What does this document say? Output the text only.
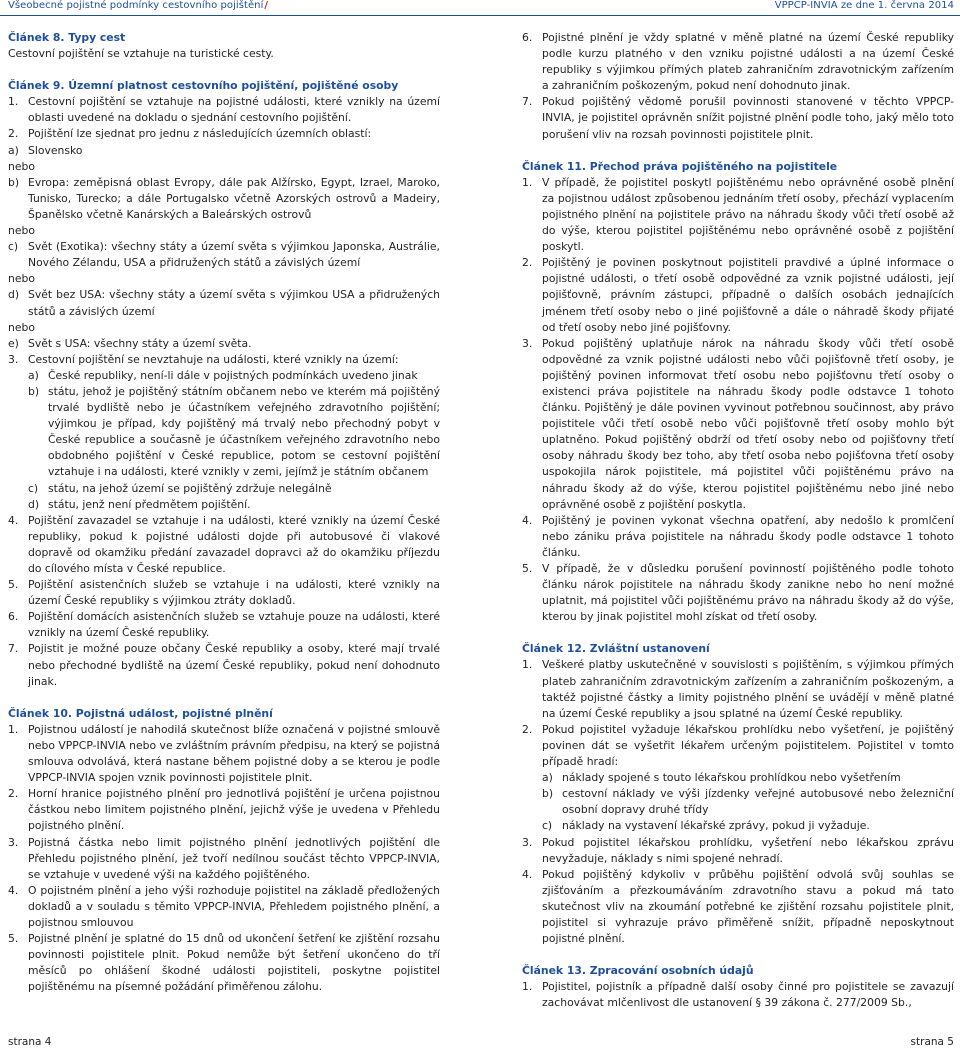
Všeobecné pojistné podmínky cestovního pojištění /	VPPCP-INVIA ze dne 1. června 2014

Článek 8. Typy cest

Cestovní pojištění se vztahuje na turistické cesty.

Článek 9. Územní platnost cestovního pojištění, pojištěné osoby

1. Cestovní pojištění se vztahuje na pojistné události, které vznikly na území oblasti uvedené na dokladu o sjednání cestovního pojištění.
2. Pojištění lze sjednat pro jednu z následujících územních oblastí:
a) Slovensko

nebo

b) Evropa: zeměpisná oblast Evropy, dále pak Alžírsko, Egypt, Izrael, Maroko, Tunisko, Turecko; a dále Portugalsko včetně Azorských ostrovů a Madeiry, Španělsko včetně Kanárských a Baleárských ostrovů

nebo

c) Svět (Exotika): všechny státy a území světa s výjimkou Japonska, Austrálie, Nového Zélandu, USA a přidružených států a závislých území

nebo

d) Svět bez USA: všechny státy a území světa s výjimkou USA a přidružených států a závislých území

nebo

e) Svět s USA: všechny státy a území světa.
3. Cestovní pojištění se nevztahuje na události, které vznikly na území:
a) České republiky, není-li dále v pojistných podmínkách uvedeno jinak
b) státu, jehož je pojištěný státním občanem nebo ve kterém má pojištěný trvalé bydliště nebo je účastníkem veřejného zdravotního pojištění; výjimkou je případ, kdy pojištěný má trvalý nebo přechodný pobyt v České republice a současně je účastníkem veřejného zdravotního nebo obdobného pojištění v České republice, potom se cestovní pojištění vztahuje i na události, které vznikly v zemi, jejímž je státním občanem
c) státu, na jehož území se pojištěný zdržuje nelegálně
d) státu, jenž není předmětem pojištění.
4. Pojištění zavazadel se vztahuje i na události, které vznikly na území České republiky, pokud k pojistné události dojde při autobusové či vlakové dopravě od okamžiku předání zavazadel dopravci až do okamžiku příjezdu do cílového místa v České republice.
5. Pojištění asistenčních služeb se vztahuje i na události, které vznikly na území České republiky s výjimkou ztráty dokladů.
6. Pojištění domácích asistenčních služeb se vztahuje pouze na události, které vznikly na území České republiky.
7. Pojistit je možné pouze občany České republiky a osoby, které mají trvalé nebo přechodné bydliště na území České republiky, pokud není dohodnuto jinak.

Článek 10. Pojistná událost, pojistné plnění

1. Pojistnou událostí je nahodilá skutečnost blíže označená v pojistné smlouvě nebo VPPCP-INVIA nebo ve zvláštním právním předpisu, na který se pojistná smlouva odvolává, která nastane během pojistné doby a se kterou je podle VPPCP-INVIA spojen vznik povinnosti pojistitele plnit.
2. Horní hranice pojistného plnění pro jednotlivá pojištění je určena pojistnou částkou nebo limitem pojistného plnění, jejichž výše je uvedena v Přehledu pojistného plnění.
3. Pojistná částka nebo limit pojistného plnění jednotlivých pojištění dle Přehledu pojistného plnění, jež tvoří nedílnou součást těchto VPPCP-INVIA, se vztahuje v uvedené výši na každého pojištěného.
4. O pojistném plnění a jeho výši rozhoduje pojistitel na základě předložených dokladů a v souladu s těmito VPPCP-INVIA, Přehledem pojistného plnění, a pojistnou smlouvou
5. Pojistné plnění je splatné do 15 dnů od ukončení šetření ke zjištění rozsahu povinnosti pojistitele plnit. Pokud nemůže být šetření ukončeno do tří měsíců po ohlášení škodné události pojistiteli, poskytne pojistitel pojištěnému na písemné požádání přiměřenou zálohu.
6. Pojistné plnění je vždy splatné v měně platné na území České republiky podle kurzu platného v den vzniku pojistné události a na území České republiky s výjimkou přímých plateb zahraničním zdravotnickým zařízením a zahraničním poškozeným, pokud není dohodnuto jinak.
7. Pokud pojištěný vědomě porušil povinnosti stanovené v těchto VPPCP-INVIA, je pojistitel oprávněn snížit pojistné plnění podle toho, jaký mělo toto porušení vliv na rozsah povinnosti pojistitele plnit.

Článek 11. Přechod práva pojištěného na pojistitele

1. V případě, že pojistitel poskytl pojištěnému nebo oprávněné osobě plnění za pojistnou událost způsobenou jednáním třetí osoby, přechází vyplacením pojistného plnění na pojistitele právo na náhradu škody vůči třetí osobě až do výše, kterou pojistitel pojištěnému nebo oprávněné osobě z pojištění poskytl.
2. Pojištěný je povinen poskytnout pojistiteli pravdivé a úplné informace o pojistné události, o třetí osobě odpovědné za vznik pojistné události, její pojišťovně, právním zástupci, případně o dalších osobách jednajících jménem třetí osoby nebo o jiné pojišťovně a dále o náhradě škody přijaté od třetí osoby nebo jiné pojišťovny.
3. Pokud pojištěný uplatňuje nárok na náhradu škody vůči třetí osobě odpovědné za vznik pojistné události nebo vůči pojišťovně třetí osoby, je pojištěný povinen informovat třetí osobu nebo pojišťovnu třetí osoby o existenci práva pojistitele na náhradu škody podle odstavce 1 tohoto článku. Pojištěný je dále povinen vyvinout potřebnou součinnost, aby právo pojistitele vůči třetí osobě nebo vůči pojišťovně třetí osoby mohlo být uplatněno. Pokud pojištěný obdrží od třetí osoby nebo od pojišťovny třetí osoby náhradu škody bez toho, aby třetí osoba nebo pojišťovna třetí osoby uspokojila nárok pojistitele, má pojistitel vůči pojištěnému právo na náhradu škody až do výše, kterou pojistitel pojištěnému nebo jiné nebo oprávněné osobě z pojištění poskytla.
4. Pojištěný je povinen vykonat všechna opatření, aby nedošlo k promlčení nebo zániku práva pojistitele na náhradu škody podle odstavce 1 tohoto článku.
5. V případě, že v důsledku porušení povinností pojištěného podle tohoto článku nárok pojistitele na náhradu škody zanikne nebo ho není možné uplatnit, má pojistitel vůči pojištěnému právo na náhradu škody až do výše, kterou by jinak pojistitel mohl získat od třetí osoby.

Článek 12. Zvláštní ustanovení

1. Veškeré platby uskutečněné v souvislosti s pojištěním, s výjimkou přímých plateb zahraničním zdravotnickým zařízením a zahraničním poškozeným, a taktéž pojistné částky a limity pojistného plnění se uvádějí v měně platné na území České republiky a jsou splatné na území České republiky.
2. Pokud pojistitel vyžaduje lékařskou prohlídku nebo vyšetření, je pojištěný povinen dát se vyšetřit lékařem určeným pojistitelem. Pojistitel v tomto případě hradí:
a) náklady spojené s touto lékařskou prohlídkou nebo vyšetřením
b) cestovní náklady ve výši jízdenky veřejné autobusové nebo železniční osobní dopravy druhé třídy
c) náklady na vystavení lékařské zprávy, pokud ji vyžaduje.
3. Pokud pojistitel lékařskou prohlídku, vyšetření nebo lékařskou zprávu nevyžaduje, náklady s nimi spojené nehradí.
4. Pokud pojištěný kdykoliv v průběhu pojištění odvolá svůj souhlas se zjišťováním a přezkoumáváním zdravotního stavu a pokud má tato skutečnost vliv na zkoumání potřebné ke zjištění rozsahu pojistitele plnit, pojistitel si vyhrazuje právo přiměřeně snížit, případně neposkytnout pojistné plnění.

Článek 13. Zpracování osobních údajů

1. Pojistitel, pojistník a případně další osoby činné pro pojistitele se zavazují zachovávat mlčenlivost dle ustanovení § 39 zákona č. 277/2009 Sb.,
strana 4	strana 5
